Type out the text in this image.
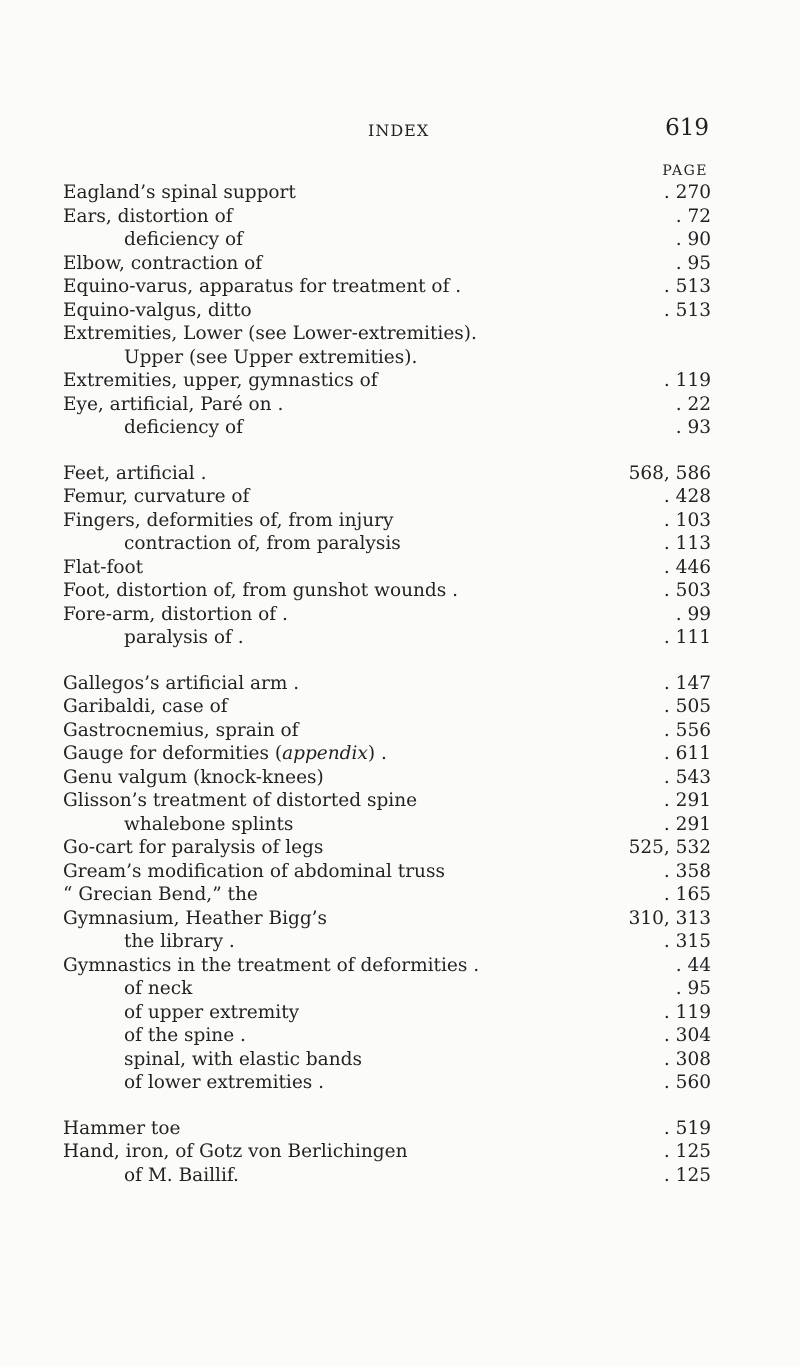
INDEX	619
PAGE
Eagland’s spinal support	. 270
Ears, distortion of	. 72
deficiency of	. 90
Elbow, contraction of	. 95
Equino-varus, apparatus for treatment of .	. 513
Equino-valgus, ditto	. 513
Extremities, Lower (see Lower-extremities).
Upper (see Upper extremities).
Extremities, upper, gymnastics of	. 119
Eye, artificial, Paré on .	. 22
deficiency of	. 93
Feet, artificial .	568, 586
Femur, curvature of	. 428
Fingers, deformities of, from injury	. 103
contraction of, from paralysis	. 113
Flat-foot	. 446
Foot, distortion of, from gunshot wounds .	. 503
Fore-arm, distortion of .	. 99
paralysis of .	. 111
Gallegos’s artificial arm .	. 147
Garibaldi, case of	. 505
Gastrocnemius, sprain of	. 556
Gauge for deformities (appendix) .	. 611
Genu valgum (knock-knees)	. 543
Glisson’s treatment of distorted spine	. 291
whalebone splints	. 291
Go-cart for paralysis of legs	525, 532
Gream’s modification of abdominal truss	. 358
“ Grecian Bend,” the	. 165
Gymnasium, Heather Bigg’s	310, 313
the library .	. 315
Gymnastics in the treatment of deformities .	. 44
of neck	. 95
of upper extremity	. 119
of the spine .	. 304
spinal, with elastic bands	. 308
of lower extremities .	. 560
Hammer toe	. 519
Hand, iron, of Gotz von Berlichingen	. 125
of M. Baillif.	. 125
